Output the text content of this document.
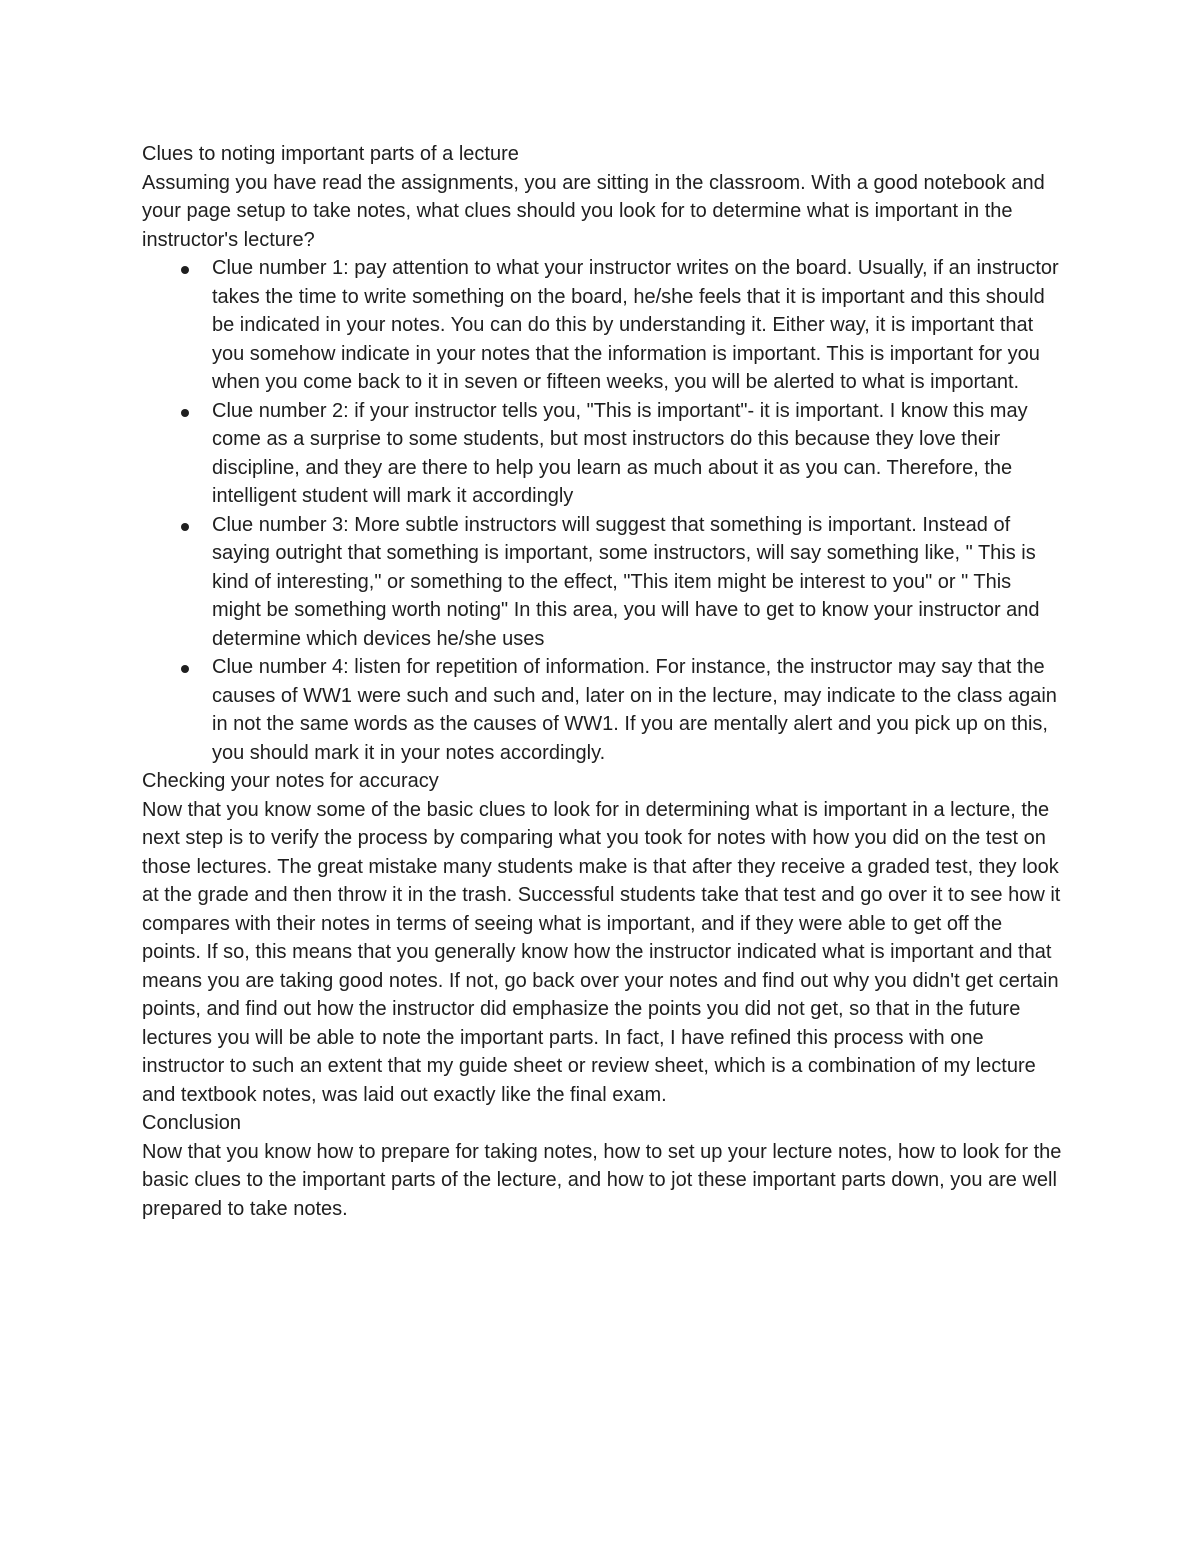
Clues to noting important parts of a lecture

Assuming you have read the assignments, you are sitting in the classroom. With a good notebook and your page setup to take notes, what clues should you look for to determine what is important in the instructor's lecture?

Clue number 1: pay attention to what your instructor writes on the board. Usually, if an instructor takes the time to write something on the board, he/she feels that it is important and this should be indicated in your notes. You can do this by understanding it. Either way, it is important that you somehow indicate in your notes that the information is important. This is important for you when you come back to it in seven or fifteen weeks, you will be alerted to what is important.
Clue number 2: if your instructor tells you, "This is important"- it is important. I know this may come as a surprise to some students, but most instructors do this because they love their discipline, and they are there to help you learn as much about it as you can. Therefore, the intelligent student will mark it accordingly
Clue number 3: More subtle instructors will suggest that something is important. Instead of saying outright that something is important, some instructors, will say something like, " This is kind of interesting," or something to the effect, "This item might be interest to you" or " This might be something worth noting" In this area, you will have to get to know your instructor and determine which devices he/she uses
Clue number 4: listen for repetition of information. For instance, the instructor may say that the causes of WW1 were such and such and, later on in the lecture, may indicate to the class again in not the same words as the causes of WW1. If you are mentally alert and you pick up on this, you should mark it in your notes accordingly.

Checking your notes for accuracy

Now that you know some of the basic clues to look for in determining what is important in a lecture, the next step is to verify the process by comparing what you took for notes with how you did on the test on those lectures. The great mistake many students make is that after they receive a graded test, they look at the grade and then throw it in the trash. Successful students take that test and go over it to see how it compares with their notes in terms of seeing what is important, and if they were able to get off the points. If so, this means that you generally know how the instructor indicated what is important and that means you are taking good notes. If not, go back over your notes and find out why you didn't get certain points, and find out how the instructor did emphasize the points you did not get, so that in the future lectures you will be able to note the important parts. In fact, I have refined this process with one instructor to such an extent that my guide sheet or review sheet, which is a combination of my lecture and textbook notes, was laid out exactly like the final exam.

Conclusion

Now that you know how to prepare for taking notes, how to set up your lecture notes, how to look for the basic clues to the important parts of the lecture, and how to jot these important parts down, you are well prepared to take notes.
